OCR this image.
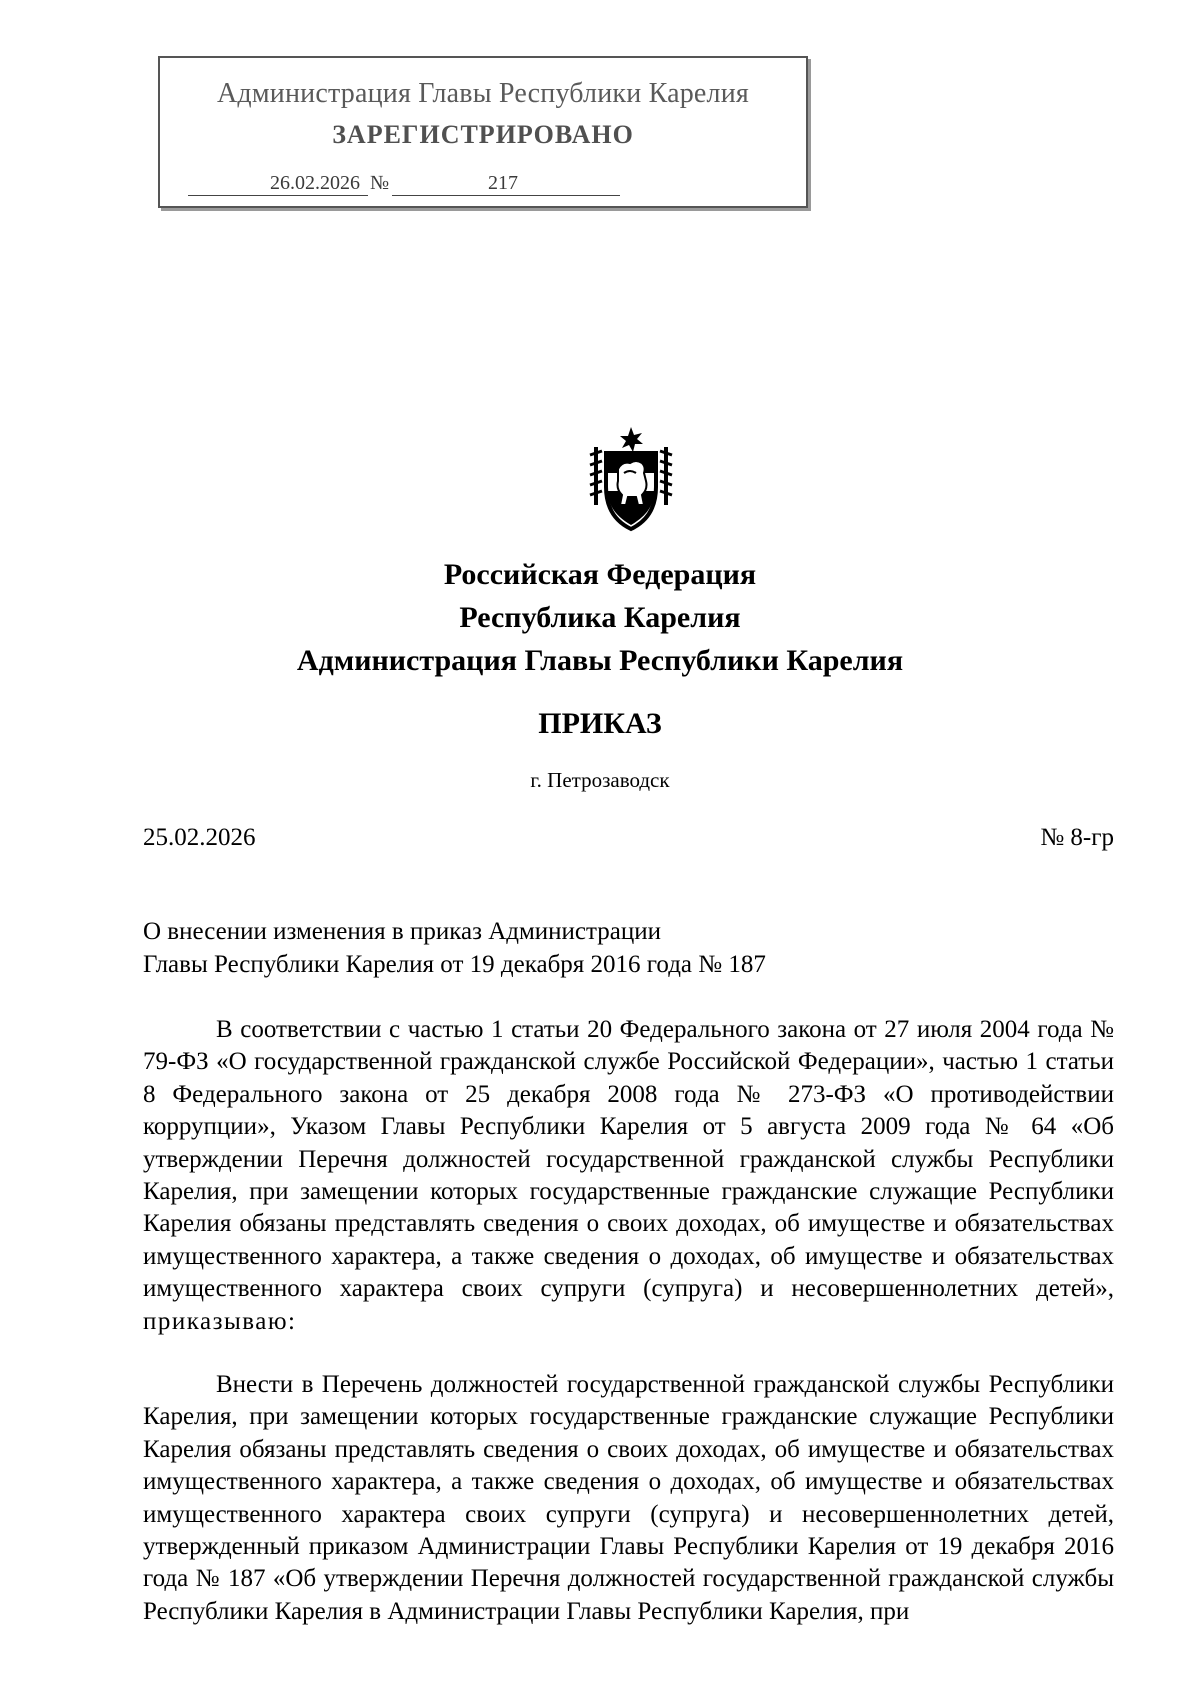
Администрация Главы Республики Карелия
ЗАРЕГИСТРИРОВАНО
26.02.2026 №	217
Российская Федерация
Республика Карелия
Администрация Главы Республики Карелия
ПРИКАЗ
г. Петрозаводск
25.02.2026	№ 8-гр
О внесении изменения в приказ Администрации
Главы Республики Карелия от 19 декабря 2016 года № 187

В соответствии с частью 1 статьи 20 Федерального закона от 27 июля 2004 года № 79-ФЗ «О государственной гражданской службе Российской Федерации», частью 1 статьи 8 Федерального закона от 25 декабря 2008 года № 273-ФЗ «О противодействии коррупции», Указом Главы Республики Карелия от 5 августа 2009 года № 64 «Об утверждении Перечня должностей государственной гражданской службы Республики Карелия, при замещении которых государственные гражданские служащие Республики Карелия обязаны представлять сведения о своих доходах, об имуществе и обязательствах имущественного характера, а также сведения о доходах, об имуществе и обязательствах имущественного характера своих супруги (супруга) и несовершеннолетних детей», приказываю:

Внести в Перечень должностей государственной гражданской службы Республики Карелия, при замещении которых государственные гражданские служащие Республики Карелия обязаны представлять сведения о своих доходах, об имуществе и обязательствах имущественного характера, а также сведения о доходах, об имуществе и обязательствах имущественного характера своих супруги (супруга) и несовершеннолетних детей, утвержденный приказом Администрации Главы Республики Карелия от 19 декабря 2016 года № 187 «Об утверждении Перечня должностей государственной гражданской службы Республики Карелия в Администрации Главы Республики Карелия, при
